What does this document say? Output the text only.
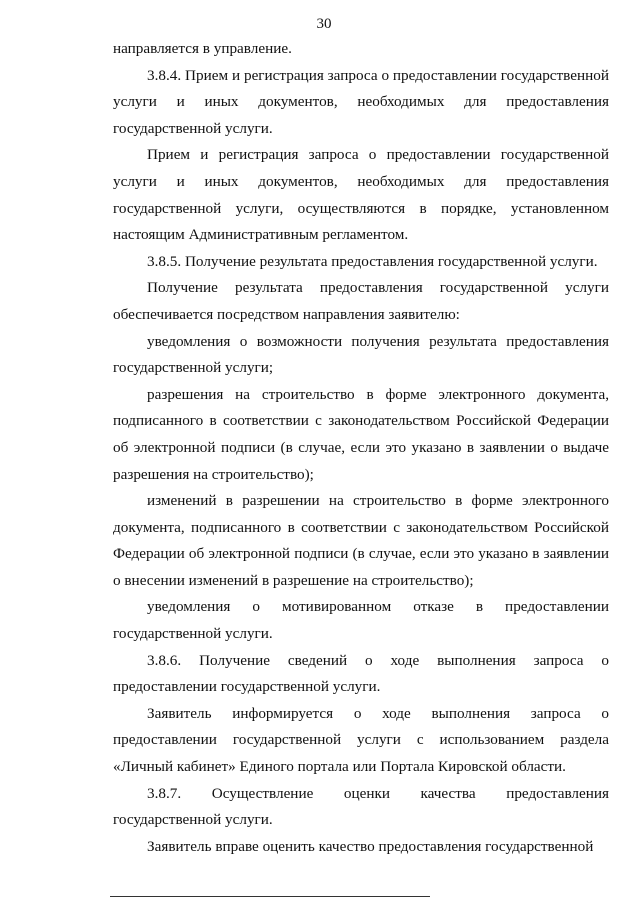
30

направляется в управление.

3.8.4. Прием и регистрация запроса о предоставлении государственной услуги и иных документов, необходимых для предоставления государственной услуги.

Прием и регистрация запроса о предоставлении государственной услуги и иных документов, необходимых для предоставления государственной услуги, осуществляются в порядке, установленном настоящим Административным регламентом.

3.8.5. Получение результата предоставления государственной услуги.

Получение результата предоставления государственной услуги обеспечивается посредством направления заявителю:

уведомления о возможности получения результата предоставления государственной услуги;

разрешения на строительство в форме электронного документа, подписанного в соответствии с законодательством Российской Федерации об электронной подписи (в случае, если это указано в заявлении о выдаче разрешения на строительство);

изменений в разрешении на строительство в форме электронного документа, подписанного в соответствии с законодательством Российской Федерации об электронной подписи (в случае, если это указано в заявлении о внесении изменений в разрешение на строительство);

уведомления о мотивированном отказе в предоставлении государственной услуги.

3.8.6. Получение сведений о ходе выполнения запроса о предоставлении государственной услуги.

Заявитель информируется о ходе выполнения запроса о предоставлении государственной услуги с использованием раздела «Личный кабинет» Единого портала или Портала Кировской области.

3.8.7. Осуществление оценки качества предоставления государственной услуги.

Заявитель вправе оценить качество предоставления государственной
